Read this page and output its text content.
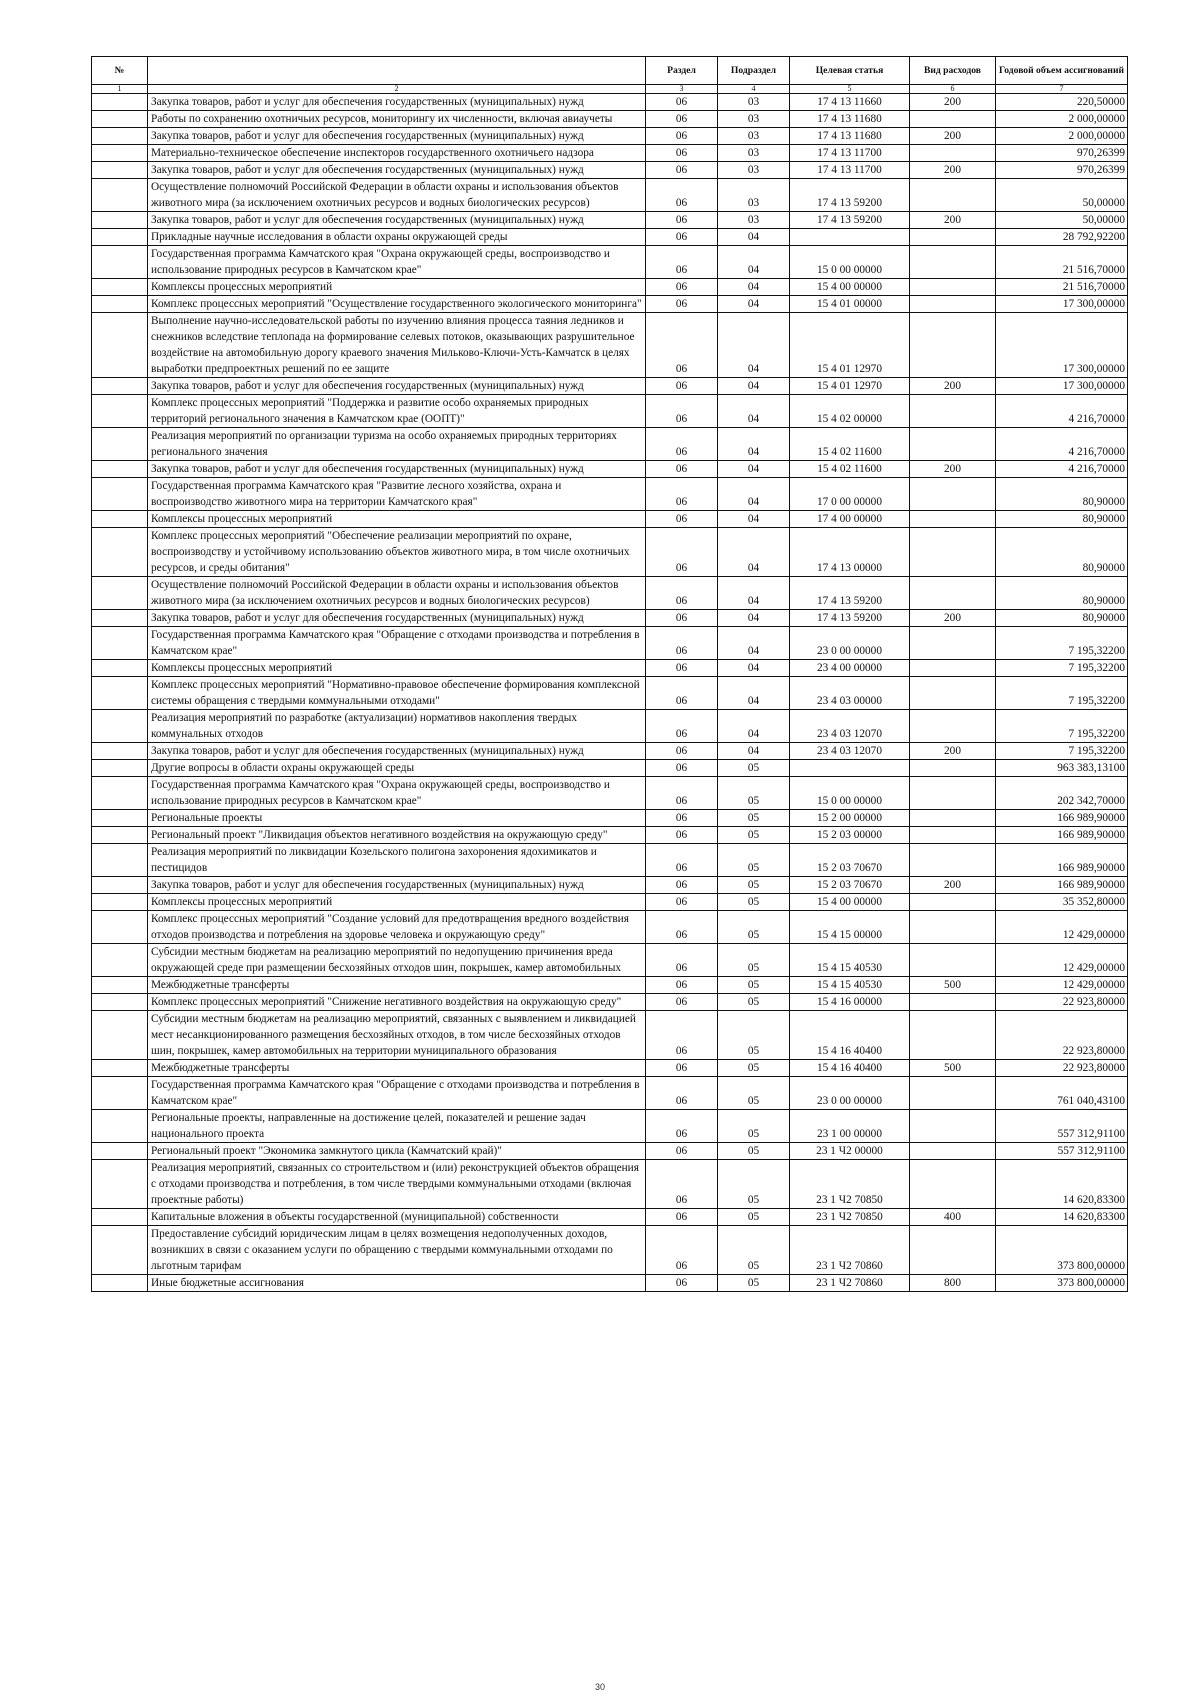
№		Раздел	Подраздел	Целевая статья	Вид расходов	Годовой объем ассигнований
1	2	3	4	5	6	7
	Закупка товаров, работ и услуг для обеспечения государственных (муниципальных) нужд	06	03	17 4 13 11660	200	220,50000
	Работы по сохранению охотничьих ресурсов, мониторингу их численности, включая авиаучеты	06	03	17 4 13 11680		2 000,00000
	Закупка товаров, работ и услуг для обеспечения государственных (муниципальных) нужд	06	03	17 4 13 11680	200	2 000,00000
	Материально-техническое обеспечение инспекторов государственного охотничьего надзора	06	03	17 4 13 11700		970,26399
	Закупка товаров, работ и услуг для обеспечения государственных (муниципальных) нужд	06	03	17 4 13 11700	200	970,26399
	Осуществление полномочий Российской Федерации в области охраны и использования объектов животного мира (за исключением охотничьих ресурсов и водных биологических ресурсов)	06	03	17 4 13 59200		50,00000
	Закупка товаров, работ и услуг для обеспечения государственных (муниципальных) нужд	06	03	17 4 13 59200	200	50,00000
	Прикладные научные исследования в области охраны окружающей среды	06	04			28 792,92200
	Государственная программа Камчатского края "Охрана окружающей среды, воспроизводство и использование природных ресурсов в Камчатском крае"	06	04	15 0 00 00000		21 516,70000
	Комплексы процессных мероприятий	06	04	15 4 00 00000		21 516,70000
	Комплекс процессных мероприятий "Осуществление государственного экологического мониторинга"	06	04	15 4 01 00000		17 300,00000
	Выполнение научно-исследовательской работы по изучению влияния процесса таяния ледников и снежников вследствие теплопада на формирование селевых потоков, оказывающих разрушительное воздействие на автомобильную дорогу краевого значения Мильково-Ключи-Усть-Камчатск в целях выработки предпроектных решений по ее защите	06	04	15 4 01 12970		17 300,00000
	Закупка товаров, работ и услуг для обеспечения государственных (муниципальных) нужд	06	04	15 4 01 12970	200	17 300,00000
	Комплекс процессных мероприятий "Поддержка и развитие особо охраняемых природных территорий регионального значения в Камчатском крае (ООПТ)"	06	04	15 4 02 00000		4 216,70000
	Реализация мероприятий по организации туризма на особо охраняемых природных территориях регионального значения	06	04	15 4 02 11600		4 216,70000
	Закупка товаров, работ и услуг для обеспечения государственных (муниципальных) нужд	06	04	15 4 02 11600	200	4 216,70000
	Государственная программа Камчатского края "Развитие лесного хозяйства, охрана и воспроизводство животного мира на территории Камчатского края"	06	04	17 0 00 00000		80,90000
	Комплексы процессных мероприятий	06	04	17 4 00 00000		80,90000
	Комплекс процессных мероприятий "Обеспечение реализации мероприятий по охране, воспроизводству и устойчивому использованию объектов животного мира, в том числе охотничьих ресурсов, и среды обитания"	06	04	17 4 13 00000		80,90000
	Осуществление полномочий Российской Федерации в области охраны и использования объектов животного мира (за исключением охотничьих ресурсов и водных биологических ресурсов)	06	04	17 4 13 59200		80,90000
	Закупка товаров, работ и услуг для обеспечения государственных (муниципальных) нужд	06	04	17 4 13 59200	200	80,90000
	Государственная программа Камчатского края "Обращение с отходами производства и потребления в Камчатском крае"	06	04	23 0 00 00000		7 195,32200
	Комплексы процессных мероприятий	06	04	23 4 00 00000		7 195,32200
	Комплекс процессных мероприятий "Нормативно-правовое обеспечение формирования комплексной системы обращения с твердыми коммунальными отходами"	06	04	23 4 03 00000		7 195,32200
	Реализация мероприятий по разработке (актуализации) нормативов накопления твердых коммунальных отходов	06	04	23 4 03 12070		7 195,32200
	Закупка товаров, работ и услуг для обеспечения государственных (муниципальных) нужд	06	04	23 4 03 12070	200	7 195,32200
	Другие вопросы в области охраны окружающей среды	06	05			963 383,13100
	Государственная программа Камчатского края "Охрана окружающей среды, воспроизводство и использование природных ресурсов в Камчатском крае"	06	05	15 0 00 00000		202 342,70000
	Региональные проекты	06	05	15 2 00 00000		166 989,90000
	Региональный проект "Ликвидация объектов негативного воздействия на окружающую среду"	06	05	15 2 03 00000		166 989,90000
	Реализация мероприятий по ликвидации Козельского полигона захоронения ядохимикатов и пестицидов	06	05	15 2 03 70670		166 989,90000
	Закупка товаров, работ и услуг для обеспечения государственных (муниципальных) нужд	06	05	15 2 03 70670	200	166 989,90000
	Комплексы процессных мероприятий	06	05	15 4 00 00000		35 352,80000
	Комплекс процессных мероприятий "Создание условий для предотвращения вредного воздействия отходов производства и потребления на здоровье человека и окружающую среду"	06	05	15 4 15 00000		12 429,00000
	Субсидии местным бюджетам на реализацию мероприятий по недопущению причинения вреда окружающей среде при размещении бесхозяйных отходов шин, покрышек, камер автомобильных	06	05	15 4 15 40530		12 429,00000
	Межбюджетные трансферты	06	05	15 4 15 40530	500	12 429,00000
	Комплекс процессных мероприятий "Снижение негативного воздействия на окружающую среду"	06	05	15 4 16 00000		22 923,80000
	Субсидии местным бюджетам на реализацию мероприятий, связанных с выявлением и ликвидацией мест несанкционированного размещения бесхозяйных отходов, в том числе бесхозяйных отходов шин, покрышек, камер автомобильных на территории муниципального образования	06	05	15 4 16 40400		22 923,80000
	Межбюджетные трансферты	06	05	15 4 16 40400	500	22 923,80000
	Государственная программа Камчатского края "Обращение с отходами производства и потребления в Камчатском крае"	06	05	23 0 00 00000		761 040,43100
	Региональные проекты, направленные на достижение целей, показателей и решение задач национального проекта	06	05	23 1 00 00000		557 312,91100
	Региональный проект "Экономика замкнутого цикла (Камчатский край)"	06	05	23 1 Ч2 00000		557 312,91100
	Реализация мероприятий, связанных со строительством и (или) реконструкцией объектов обращения с отходами производства и потребления, в том числе твердыми коммунальными отходами (включая проектные работы)	06	05	23 1 Ч2 70850		14 620,83300
	Капитальные вложения в объекты государственной (муниципальной) собственности	06	05	23 1 Ч2 70850	400	14 620,83300
	Предоставление субсидий юридическим лицам в целях возмещения недополученных доходов, возникших в связи с оказанием услуги по обращению с твердыми коммунальными отходами по льготным тарифам	06	05	23 1 Ч2 70860		373 800,00000
	Иные бюджетные ассигнования	06	05	23 1 Ч2 70860	800	373 800,00000
30
